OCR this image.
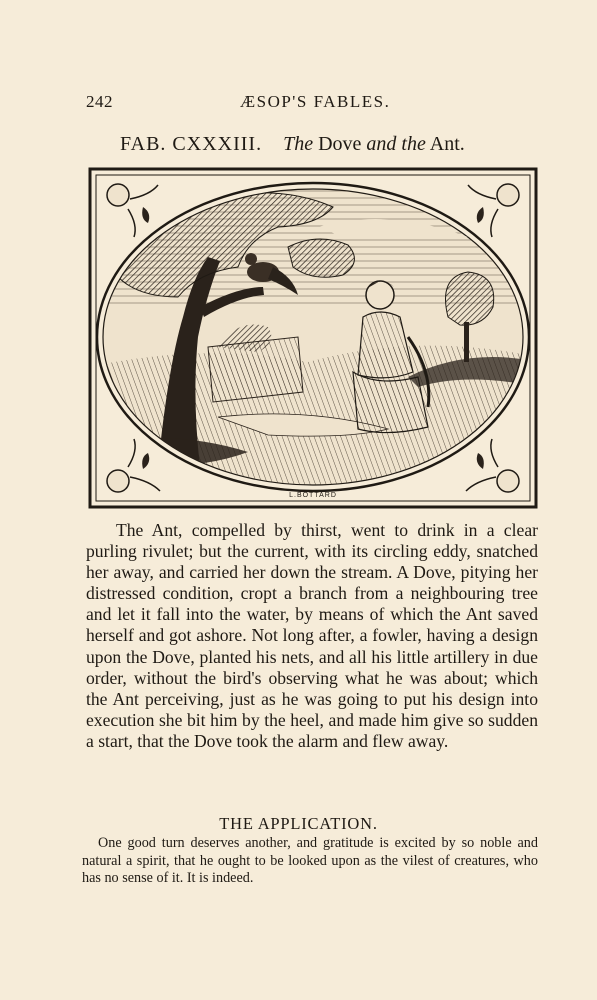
242	ÆSOP'S FABLES.
FAB. CXXXIII. The Dove and the Ant.
L.BOTTARD

The Ant, compelled by thirst, went to drink in a clear purling rivulet; but the current, with its circling eddy, snatched her away, and carried her down the stream. A Dove, pitying her distressed condition, cropt a branch from a neighbouring tree and let it fall into the water, by means of which the Ant saved herself and got ashore. Not long after, a fowler, having a design upon the Dove, planted his nets, and all his little artillery in due order, without the bird's observing what he was about; which the Ant perceiving, just as he was going to put his design into execution she bit him by the heel, and made him give so sudden a start, that the Dove took the alarm and flew away.

THE APPLICATION.

One good turn deserves another, and gratitude is excited by so noble and natural a spirit, that he ought to be looked upon as the vilest of creatures, who has no sense of it. It is indeed.
